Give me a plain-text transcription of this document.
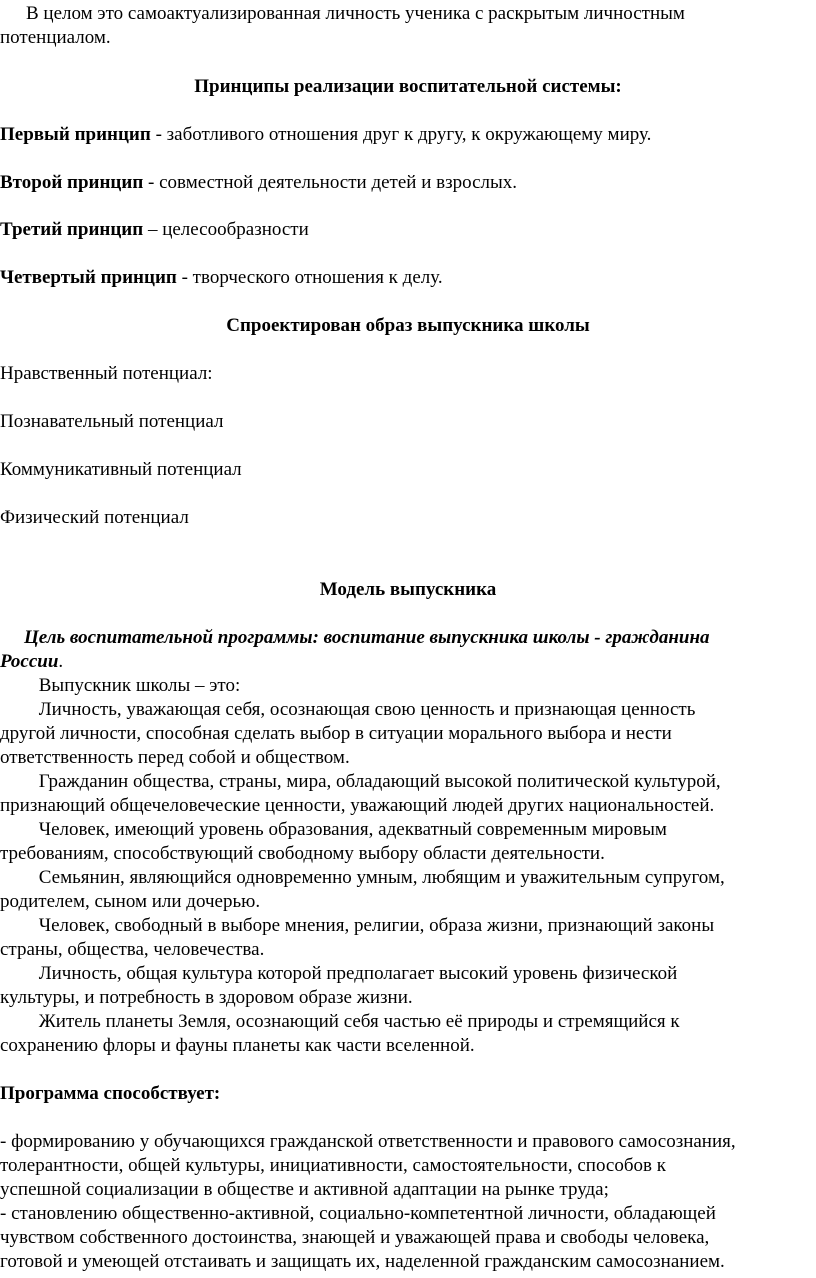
В целом это самоактуализированная личность ученика с раскрытым личностным

потенциалом.

Принципы реализации воспитательной системы:

Первый принцип - заботливого отношения друг к другу, к окружающему миру.

Второй принцип - совместной деятельности детей и взрослых.

Третий принцип – целесообразности

Четвертый принцип - творческого отношения к делу.

Спроектирован образ выпускника школы

Нравственный потенциал:

Познавательный потенциал

Коммуникативный потенциал

Физический потенциал

Модель выпускника

Цель воспитательной программы: воспитание выпускника школы - гражданина

России.

Выпускник школы – это:

Личность, уважающая себя, осознающая свою ценность и признающая ценность

другой личности, способная сделать выбор в ситуации морального выбора и нести

ответственность перед собой и обществом.

Гражданин общества, страны, мира, обладающий высокой политической культурой,

признающий общечеловеческие ценности, уважающий людей других национальностей.

Человек, имеющий уровень образования, адекватный современным мировым

требованиям, способствующий свободному выбору области деятельности.

Семьянин, являющийся одновременно умным, любящим и уважительным супругом,

родителем, сыном или дочерью.

Человек, свободный в выборе мнения, религии, образа жизни, признающий законы

страны, общества, человечества.

Личность, общая культура которой предполагает высокий уровень физической

культуры, и потребность в здоровом образе жизни.

Житель планеты Земля, осознающий себя частью её природы и стремящийся к

сохранению флоры и фауны планеты как части вселенной.

Программа способствует:

- формированию у обучающихся гражданской ответственности и правового самосознания,

толерантности, общей культуры, инициативности, самостоятельности, способов к

успешной социализации в обществе и активной адаптации на рынке труда;

- становлению общественно-активной, социально-компетентной личности, обладающей

чувством собственного достоинства, знающей и уважающей права и свободы человека,

готовой и умеющей отстаивать и защищать их, наделенной гражданским самосознанием.
